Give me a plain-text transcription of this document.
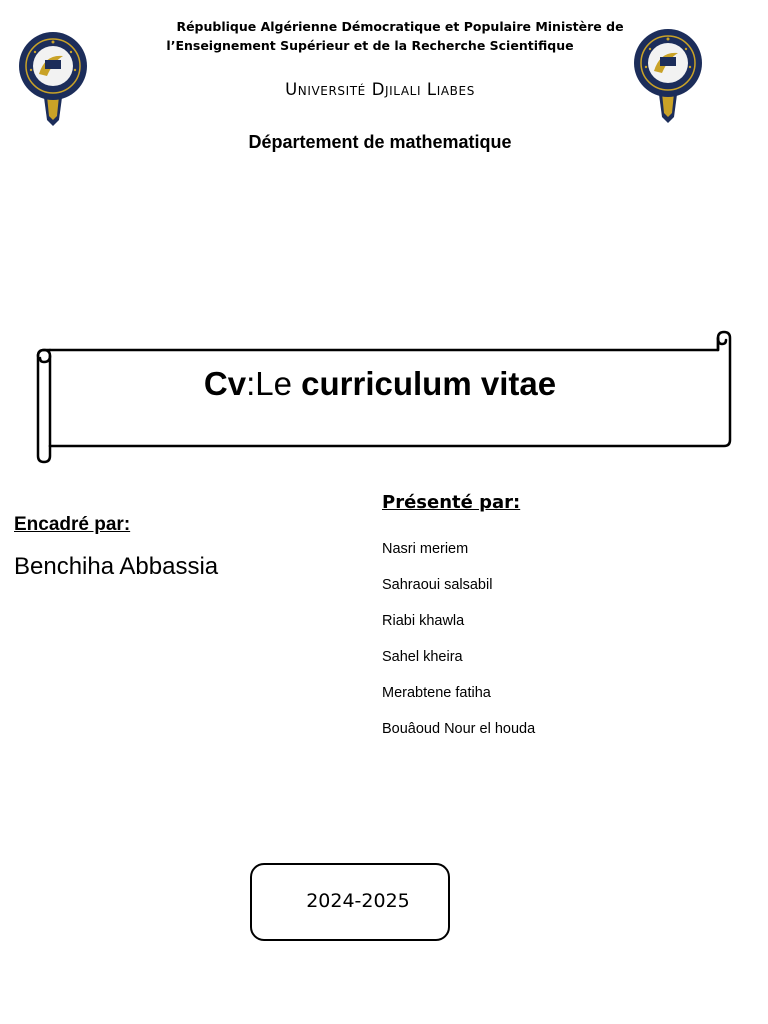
République Algérienne Démocratique et Populaire Ministère de
l’Enseignement Supérieur et de la Recherche Scientifique
Université Djilali Liabes
Département de mathematique
Cv:Le curriculum vitae
Encadré par:
Benchiha Abbassia
Présenté par:
Nasri meriem
Sahraoui salsabil
Riabi khawla
Sahel kheira
Merabtene fatiha
Bouâoud Nour el houda
2024-2025
